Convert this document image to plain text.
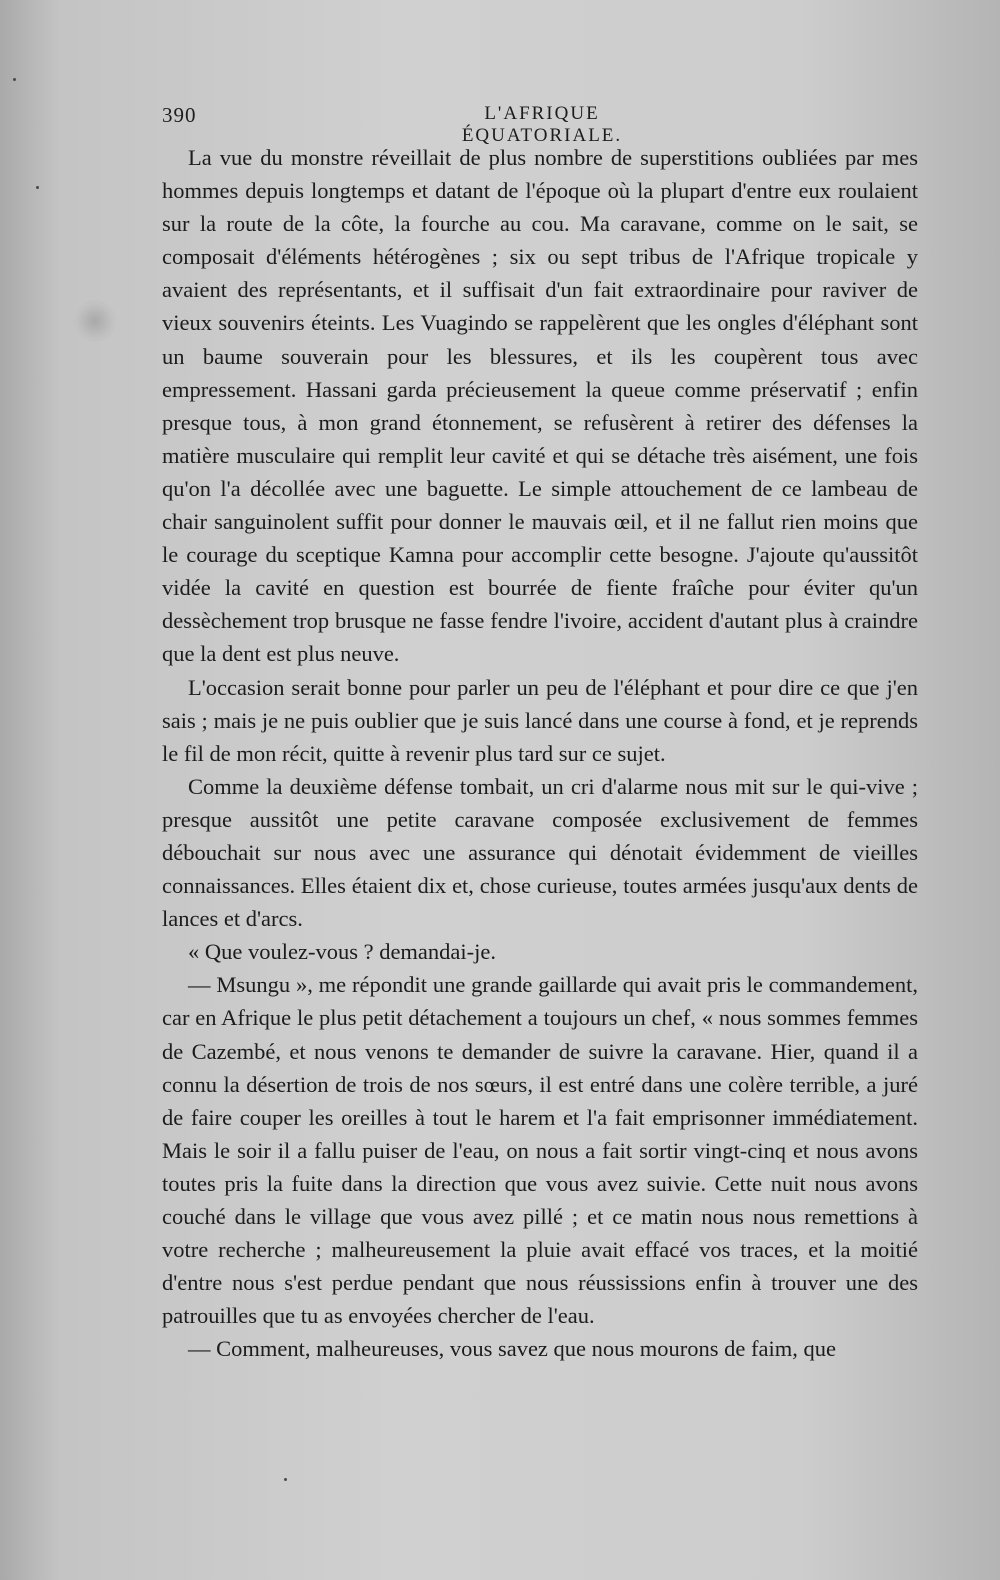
390	L'AFRIQUE ÉQUATORIALE.

La vue du monstre réveillait de plus nombre de superstitions oubliées par mes hommes depuis longtemps et datant de l'époque où la plupart d'entre eux roulaient sur la route de la côte, la fourche au cou. Ma caravane, comme on le sait, se composait d'éléments hétérogènes ; six ou sept tribus de l'Afrique tropicale y avaient des représentants, et il suffisait d'un fait extraordinaire pour raviver de vieux souvenirs éteints. Les Vuagindo se rappelèrent que les ongles d'éléphant sont un baume souverain pour les blessures, et ils les coupèrent tous avec empressement. Hassani garda précieusement la queue comme préservatif ; enfin presque tous, à mon grand étonnement, se refusèrent à retirer des défenses la matière musculaire qui remplit leur cavité et qui se détache très aisément, une fois qu'on l'a décollée avec une baguette. Le simple attouchement de ce lambeau de chair sanguinolent suffit pour donner le mauvais œil, et il ne fallut rien moins que le courage du sceptique Kamna pour accomplir cette besogne. J'ajoute qu'aussitôt vidée la cavité en question est bourrée de fiente fraîche pour éviter qu'un dessèchement trop brusque ne fasse fendre l'ivoire, accident d'autant plus à craindre que la dent est plus neuve.

L'occasion serait bonne pour parler un peu de l'éléphant et pour dire ce que j'en sais ; mais je ne puis oublier que je suis lancé dans une course à fond, et je reprends le fil de mon récit, quitte à revenir plus tard sur ce sujet.

Comme la deuxième défense tombait, un cri d'alarme nous mit sur le qui-vive ; presque aussitôt une petite caravane composée exclusivement de femmes débouchait sur nous avec une assurance qui dénotait évidemment de vieilles connaissances. Elles étaient dix et, chose curieuse, toutes armées jusqu'aux dents de lances et d'arcs.

« Que voulez-vous ? demandai-je.

— Msungu », me répondit une grande gaillarde qui avait pris le commandement, car en Afrique le plus petit détachement a toujours un chef, « nous sommes femmes de Cazembé, et nous venons te demander de suivre la caravane. Hier, quand il a connu la désertion de trois de nos sœurs, il est entré dans une colère terrible, a juré de faire couper les oreilles à tout le harem et l'a fait emprisonner immédiatement. Mais le soir il a fallu puiser de l'eau, on nous a fait sortir vingt-cinq et nous avons toutes pris la fuite dans la direction que vous avez suivie. Cette nuit nous avons couché dans le village que vous avez pillé ; et ce matin nous nous remettions à votre recherche ; malheureusement la pluie avait effacé vos traces, et la moitié d'entre nous s'est perdue pendant que nous réussissions enfin à trouver une des patrouilles que tu as envoyées chercher de l'eau.

— Comment, malheureuses, vous savez que nous mourons de faim, que
